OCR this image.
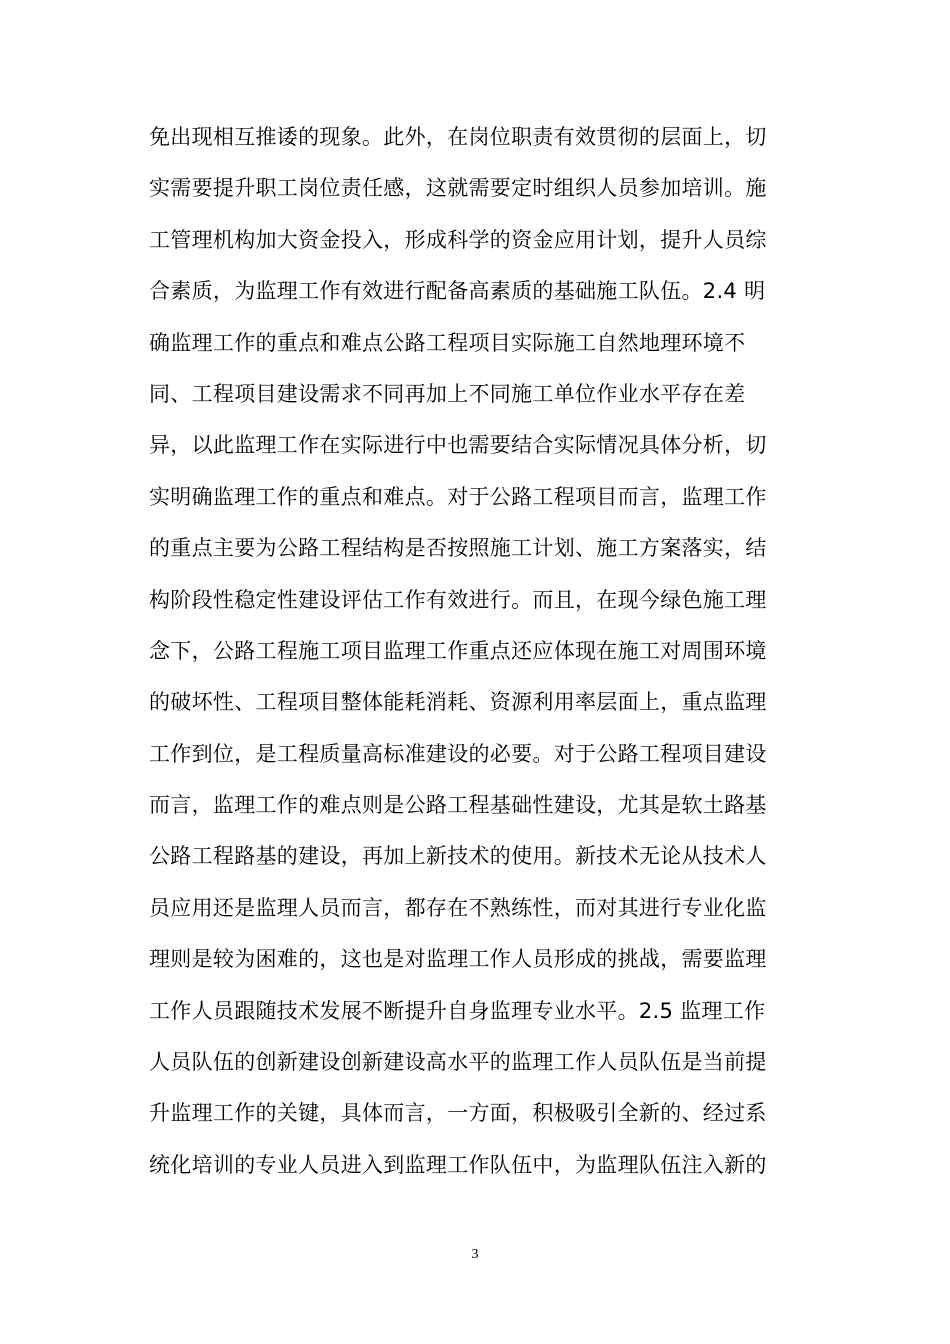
免出现相互推诿的现象。此外，在岗位职责有效贯彻的层面上，切
实需要提升职工岗位责任感，这就需要定时组织人员参加培训。施
工管理机构加大资金投入，形成科学的资金应用计划，提升人员综
合素质，为监理工作有效进行配备高素质的基础施工队伍。2.4 明
确监理工作的重点和难点公路工程项目实际施工自然地理环境不
同、工程项目建设需求不同再加上不同施工单位作业水平存在差
异，以此监理工作在实际进行中也需要结合实际情况具体分析，切
实明确监理工作的重点和难点。对于公路工程项目而言，监理工作
的重点主要为公路工程结构是否按照施工计划、施工方案落实，结
构阶段性稳定性建设评估工作有效进行。而且，在现今绿色施工理
念下，公路工程施工项目监理工作重点还应体现在施工对周围环境
的破坏性、工程项目整体能耗消耗、资源利用率层面上，重点监理
工作到位，是工程质量高标准建设的必要。对于公路工程项目建设
而言，监理工作的难点则是公路工程基础性建设，尤其是软土路基
公路工程路基的建设，再加上新技术的使用。新技术无论从技术人
员应用还是监理人员而言，都存在不熟练性，而对其进行专业化监
理则是较为困难的，这也是对监理工作人员形成的挑战，需要监理
工作人员跟随技术发展不断提升自身监理专业水平。2.5 监理工作
人员队伍的创新建设创新建设高水平的监理工作人员队伍是当前提
升监理工作的关键，具体而言，一方面，积极吸引全新的、经过系
统化培训的专业人员进入到监理工作队伍中，为监理队伍注入新的
3
